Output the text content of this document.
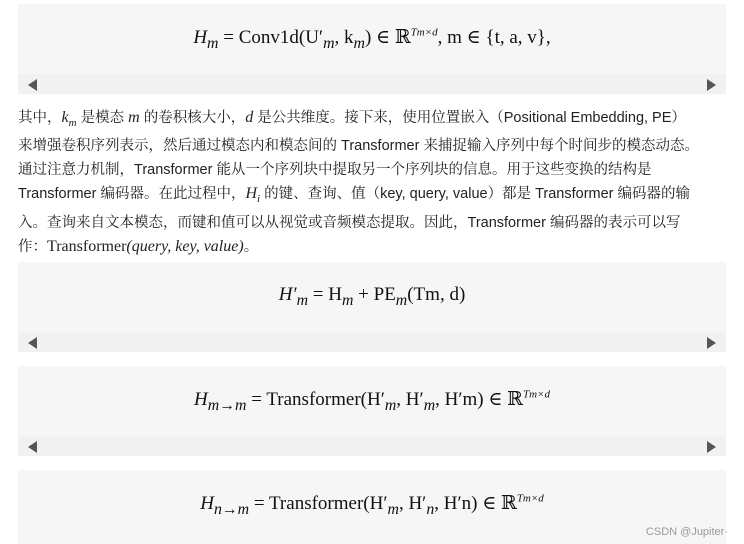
$H_m$ = $Conv1d(U'_m$, $k_m$) ∈ ℝ$^{Tm\times d}$, m ∈ {t, a, v},
其中，$k_m$ 是模态 m 的卷积核大小，d 是公共维度。接下来，使用位置嵌入（Positional Embedding, PE）
来增强卷积序列表示，然后通过模态内和模态间的 Transformer 来捕捉输入序列中每个时间步的模态动态。
通过注意力机制，Transformer 能从一个序列块中提取另一个序列块的信息。用于这些变换的结构是
Transformer 编码器。在此过程中，$H_i$ 的键、查询、值（key, query, value）都是 Transformer 编码器的输
入。查询来自文本模态，而键和值可以从视觉或音频模态提取。因此，Transformer 编码器的表示可以写
作：Transformer(query, key, value)。
$H'_m = H_m + PE_m(Tm$, d)
$H_{m\to m}$ = $Transformer(H'_m$, $H'_m$, H′m) ∈ ℝ$^{Tm\times d}$
$H_{n\to m}$ = $Transformer(H'_m$, $H'_n$, H′n) ∈ ℝ$^{Tm\times d}$
CSDN @Jupiter·
